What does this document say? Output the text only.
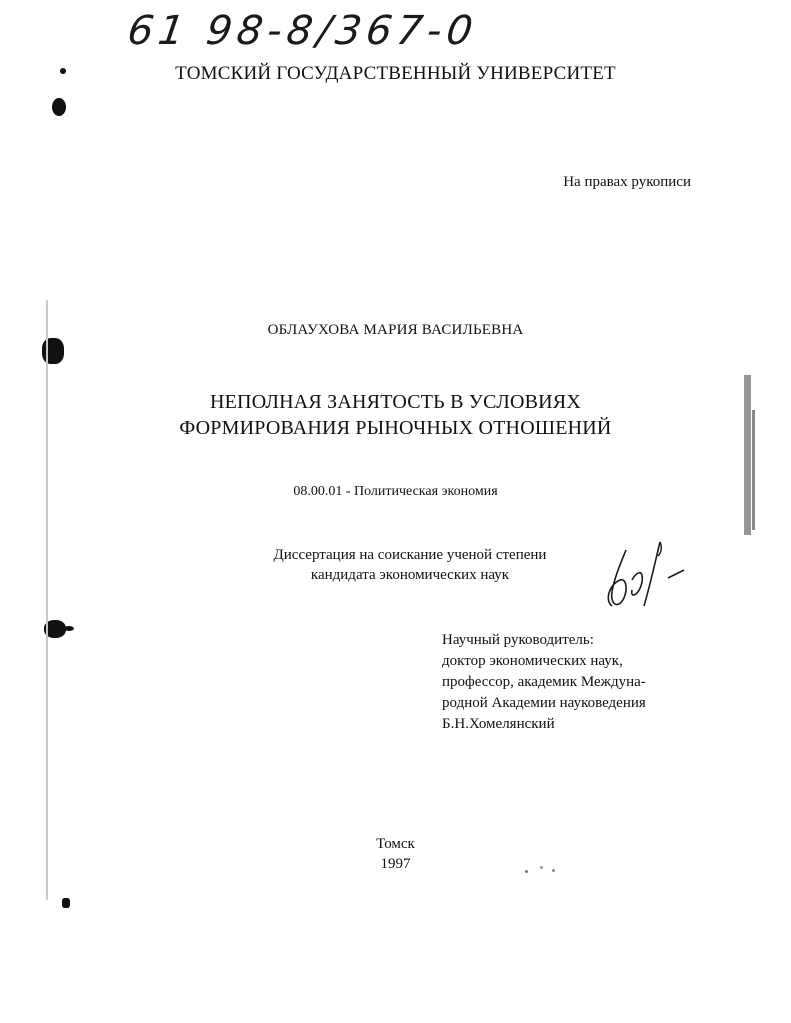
61 98-8/367-0
ТОМСКИЙ ГОСУДАРСТВЕННЫЙ УНИВЕРСИТЕТ
На правах рукописи
ОБЛАУХОВА МАРИЯ ВАСИЛЬЕВНА
НЕПОЛНАЯ ЗАНЯТОСТЬ В УСЛОВИЯХ
ФОРМИРОВАНИЯ РЫНОЧНЫХ ОТНОШЕНИЙ
08.00.01 - Политическая экономия
Диссертация на соискание ученой степени
кандидата экономических наук
Научный руководитель:
доктор экономических наук,
профессор, академик Междуна-
родной Академии науковедения
Б.Н.Хомелянский
Томск
1997
